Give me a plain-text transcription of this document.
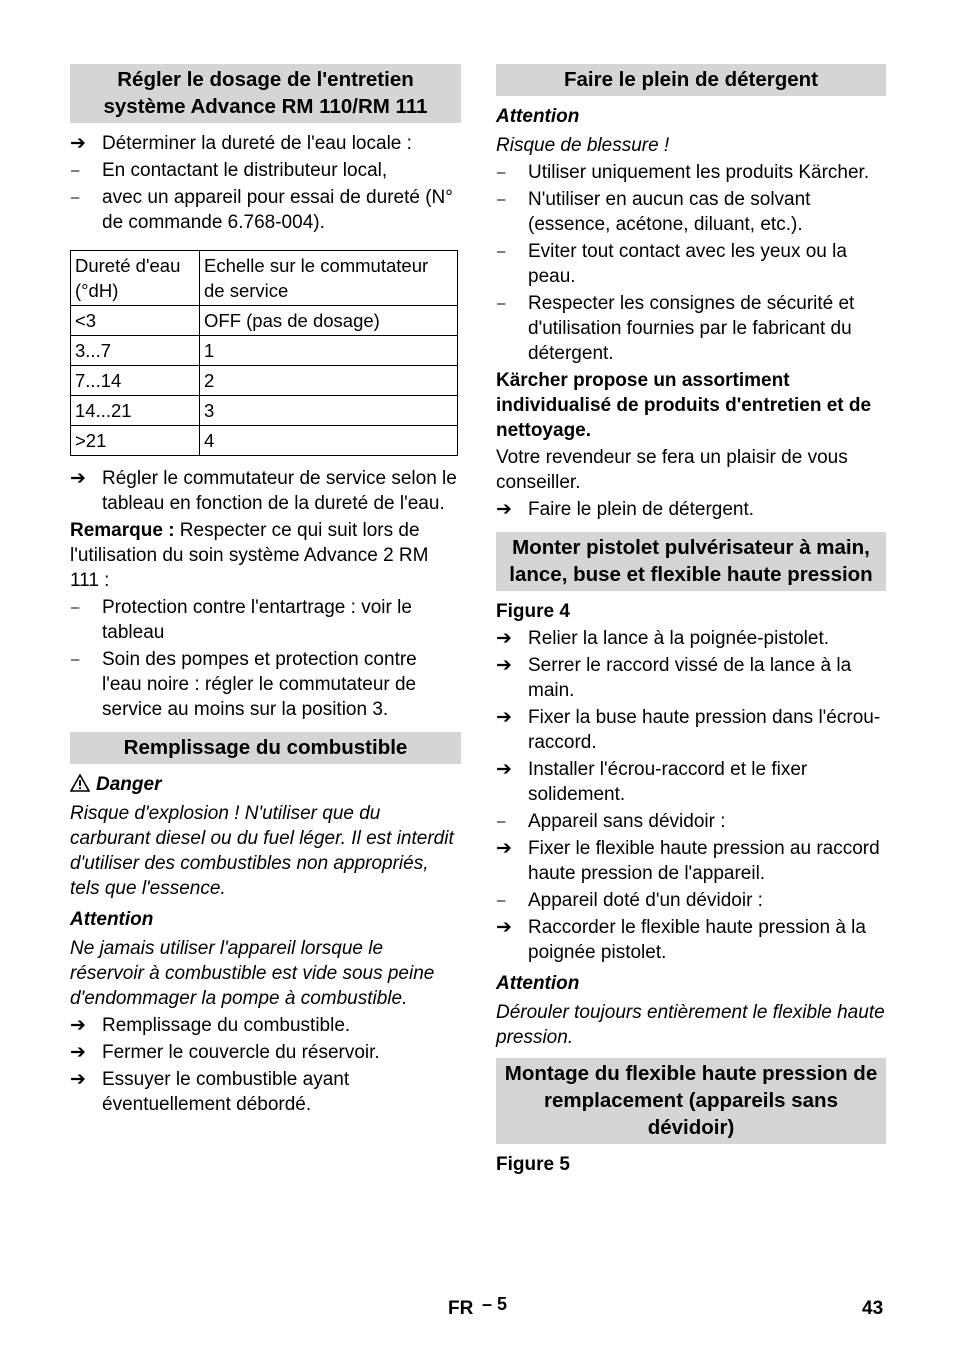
Régler le dosage de l'entretien système Advance RM 110/RM 111
➔ Déterminer la dureté de l'eau locale :
–	En contactant le distributeur local,
–	avec un appareil pour essai de dureté (N° de commande 6.768-004).
Dureté d'eau (°dH)	Echelle sur le commutateur de service
<3	OFF (pas de dosage)
3...7	1
7...14	2
14...21	3
>21	4
➔ Régler le commutateur de service selon le tableau en fonction de la dureté de l'eau.

Remarque : Respecter ce qui suit lors de l'utilisation du soin système Advance 2 RM 111 :

–	Protection contre l'entartrage : voir le tableau
–	Soin des pompes et protection contre l'eau noire : régler le commutateur de service au moins sur la position 3.
Remplissage du combustible

Danger

Risque d'explosion ! N'utiliser que du carburant diesel ou du fuel léger. Il est interdit d'utiliser des combustibles non appropriés, tels que l'essence.

Attention

Ne jamais utiliser l'appareil lorsque le réservoir à combustible est vide sous peine d'endommager la pompe à combustible.

➔ Remplissage du combustible.
➔ Fermer le couvercle du réservoir.
➔ Essuyer le combustible ayant éventuellement débordé.
Faire le plein de détergent

Attention

Risque de blessure !

–	Utiliser uniquement les produits Kärcher.
–	N'utiliser en aucun cas de solvant (essence, acétone, diluant, etc.).
–	Eviter tout contact avec les yeux ou la peau.
–	Respecter les consignes de sécurité et d'utilisation fournies par le fabricant du détergent.

Kärcher propose un assortiment individualisé de produits d'entretien et de nettoyage.

Votre revendeur se fera un plaisir de vous conseiller.

➔ Faire le plein de détergent.
Monter pistolet pulvérisateur à main, lance, buse et flexible haute pression

Figure 4

➔ Relier la lance à la poignée-pistolet.
➔ Serrer le raccord vissé de la lance à la main.
➔ Fixer la buse haute pression dans l'écrou-raccord.
➔ Installer l'écrou-raccord et le fixer solidement.
–	Appareil sans dévidoir :
➔ Fixer le flexible haute pression au raccord haute pression de l'appareil.
–	Appareil doté d'un dévidoir :
➔ Raccorder le flexible haute pression à la poignée pistolet.

Attention

Dérouler toujours entièrement le flexible haute pression.

Montage du flexible haute pression de remplacement (appareils sans dévidoir)

Figure 5

FR – 5	43
